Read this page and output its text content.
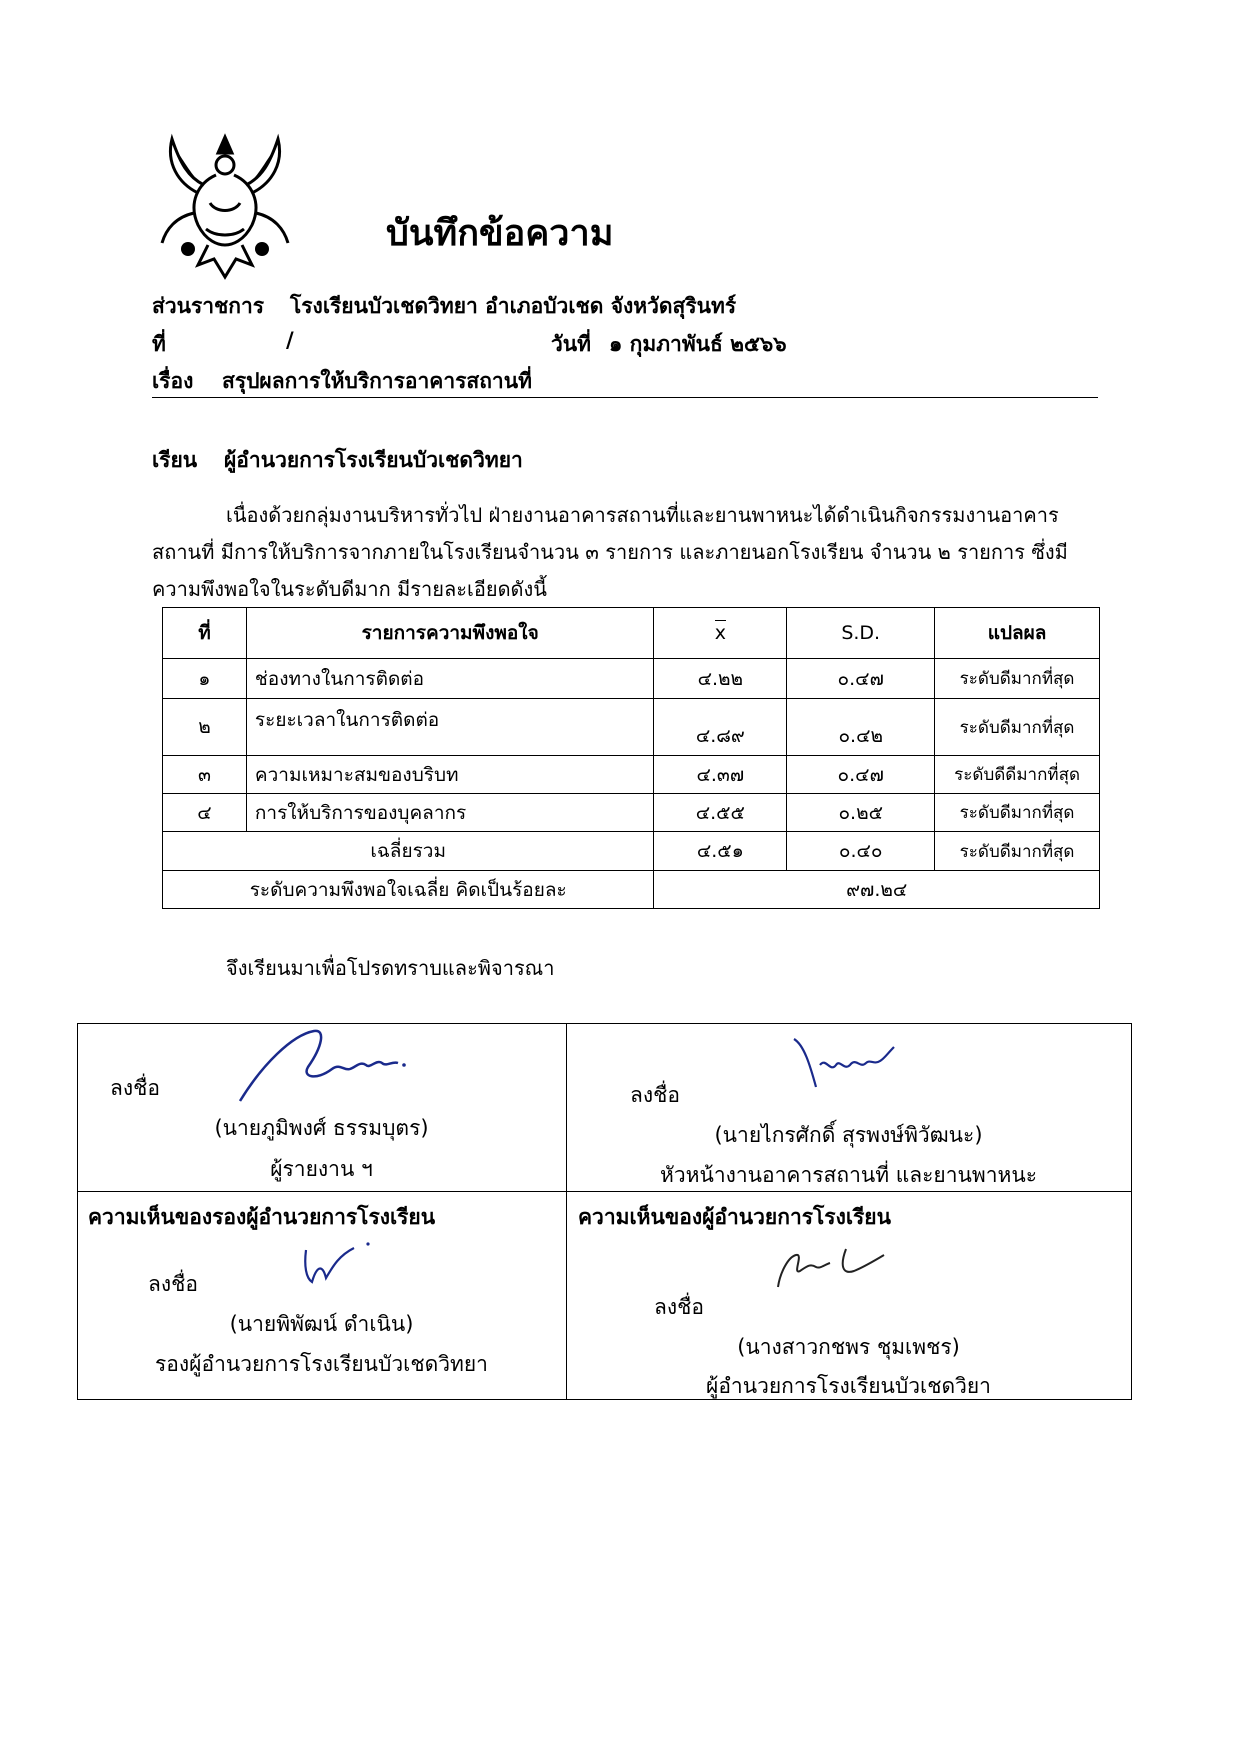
บันทึกข้อความ
ส่วนราชการ โรงเรียนบัวเชดวิทยา อำเภอบัวเชด จังหวัดสุรินทร์
ที่	/	วันที่ ๑ กุมภาพันธ์ ๒๕๖๖
เรื่อง สรุปผลการให้บริการอาคารสถานที่
เรียน ผู้อำนวยการโรงเรียนบัวเชดวิทยา
เนื่องด้วยกลุ่มงานบริหารทั่วไป ฝ่ายงานอาคารสถานที่และยานพาหนะได้ดำเนินกิจกรรมงานอาคาร
สถานที่ มีการให้บริการจากภายในโรงเรียนจำนวน ๓ รายการ และภายนอกโรงเรียน จำนวน ๒ รายการ ซึ่งมี
ความพึงพอใจในระดับดีมาก มีรายละเอียดดังนี้
ที่	รายการความพึงพอใจ	x	S.D.	แปลผล
๑	ช่องทางในการติดต่อ	๔.๒๒	๐.๔๗	ระดับดีมากที่สุด
๒	ระยะเวลาในการติดต่อ	๔.๘๙	๐.๔๒	ระดับดีมากที่สุด
๓	ความเหมาะสมของบริบท	๔.๓๗	๐.๔๗	ระดับดีดีมากที่สุด
๔	การให้บริการของบุคลากร	๔.๕๕	๐.๒๕	ระดับดีมากที่สุด
เฉลี่ยรวม		๔.๕๑	๐.๔๐	ระดับดีมากที่สุด
ระดับความพึงพอใจเฉลี่ย คิดเป็นร้อยละ		๙๗.๒๔		
จึงเรียนมาเพื่อโปรดทราบและพิจารณา
ลงชื่อ
(นายภูมิพงศ์ ธรรมบุตร)
ผู้รายงาน ฯ
ลงชื่อ
(นายไกรศักดิ์ สุรพงษ์พิวัฒนะ)
หัวหน้างานอาคารสถานที่ และยานพาหนะ
ความเห็นของรองผู้อำนวยการโรงเรียน
ลงชื่อ
(นายพิพัฒน์ ดำเนิน)
รองผู้อำนวยการโรงเรียนบัวเชดวิทยา
ความเห็นของผู้อำนวยการโรงเรียน
ลงชื่อ
(นางสาวกชพร ชุมเพชร)
ผู้อำนวยการโรงเรียนบัวเชดวิยา
